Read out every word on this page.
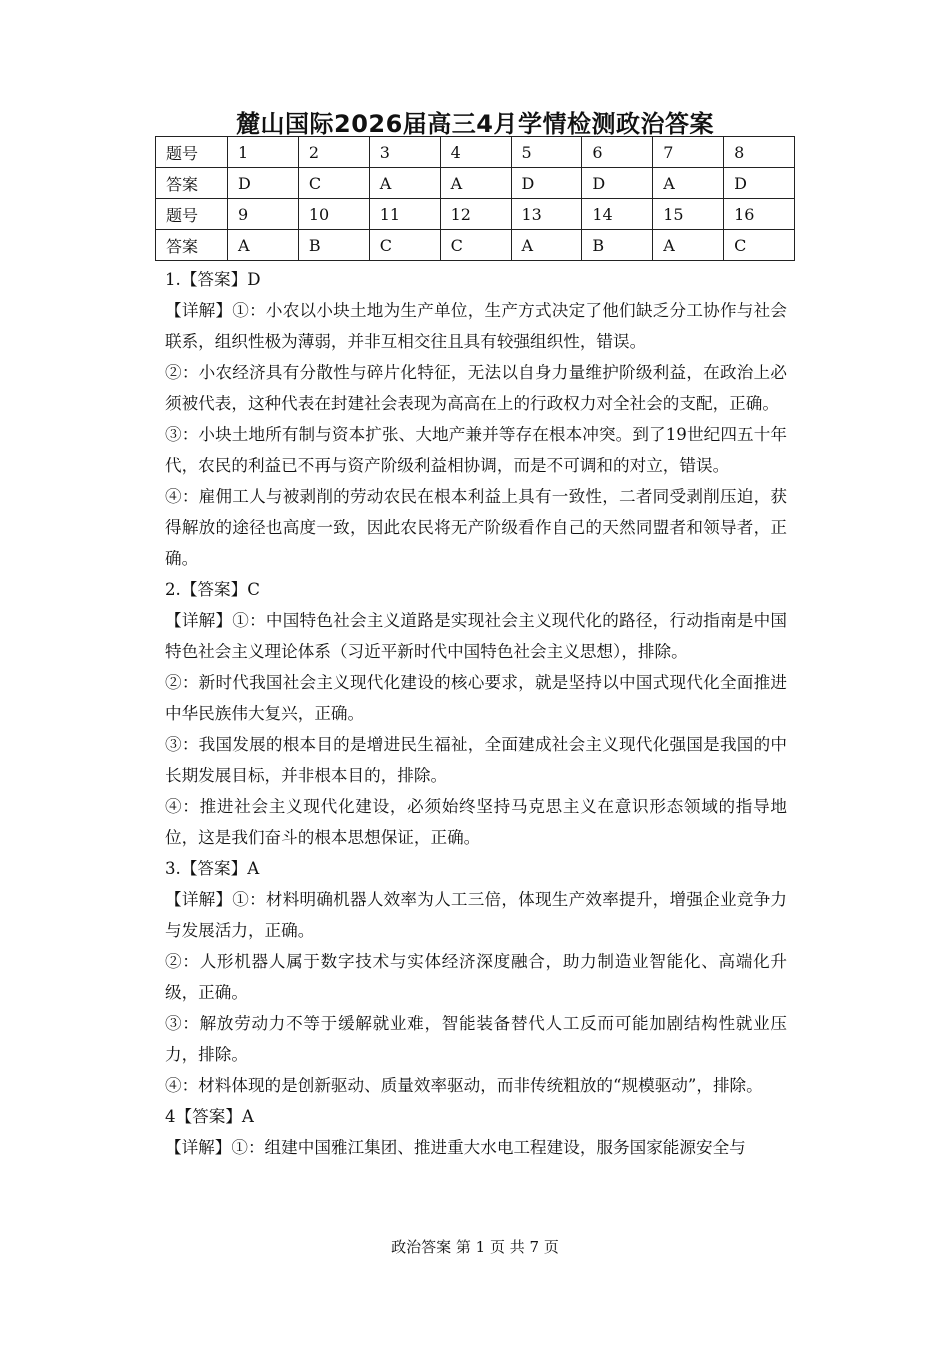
麓山国际2026届高三4月学情检测政治答案
题号	1	2	3	4	5	6	7	8
答案	D	C	A	A	D	D	A	D
题号	9	10	11	12	13	14	15	16
答案	A	B	C	C	A	B	A	C

1.【答案】D

【详解】①：小农以小块土地为生产单位，生产方式决定了他们缺乏分工协作与社会联系，组织性极为薄弱，并非互相交往且具有较强组织性，错误。

②：小农经济具有分散性与碎片化特征，无法以自身力量维护阶级利益，在政治上必须被代表，这种代表在封建社会表现为高高在上的行政权力对全社会的支配，正确。

③：小块土地所有制与资本扩张、大地产兼并等存在根本冲突。到了19世纪四五十年代，农民的利益已不再与资产阶级利益相协调，而是不可调和的对立，错误。

④：雇佣工人与被剥削的劳动农民在根本利益上具有一致性，二者同受剥削压迫，获得解放的途径也高度一致，因此农民将无产阶级看作自己的天然同盟者和领导者，正确。

2.【答案】C

【详解】①：中国特色社会主义道路是实现社会主义现代化的路径，行动指南是中国特色社会主义理论体系（习近平新时代中国特色社会主义思想），排除。

②：新时代我国社会主义现代化建设的核心要求，就是坚持以中国式现代化全面推进中华民族伟大复兴，正确。

③：我国发展的根本目的是增进民生福祉，全面建成社会主义现代化强国是我国的中长期发展目标，并非根本目的，排除。

④：推进社会主义现代化建设，必须始终坚持马克思主义在意识形态领域的指导地位，这是我们奋斗的根本思想保证，正确。

3.【答案】A

【详解】①：材料明确机器人效率为人工三倍，体现生产效率提升，增强企业竞争力与发展活力，正确。

②：人形机器人属于数字技术与实体经济深度融合，助力制造业智能化、高端化升级，正确。

③：解放劳动力不等于缓解就业难，智能装备替代人工反而可能加剧结构性就业压力，排除。

④：材料体现的是创新驱动、质量效率驱动，而非传统粗放的“规模驱动”，排除。

4【答案】A

【详解】①：组建中国雅江集团、推进重大水电工程建设，服务国家能源安全与

政治答案 第 1 页 共 7 页
